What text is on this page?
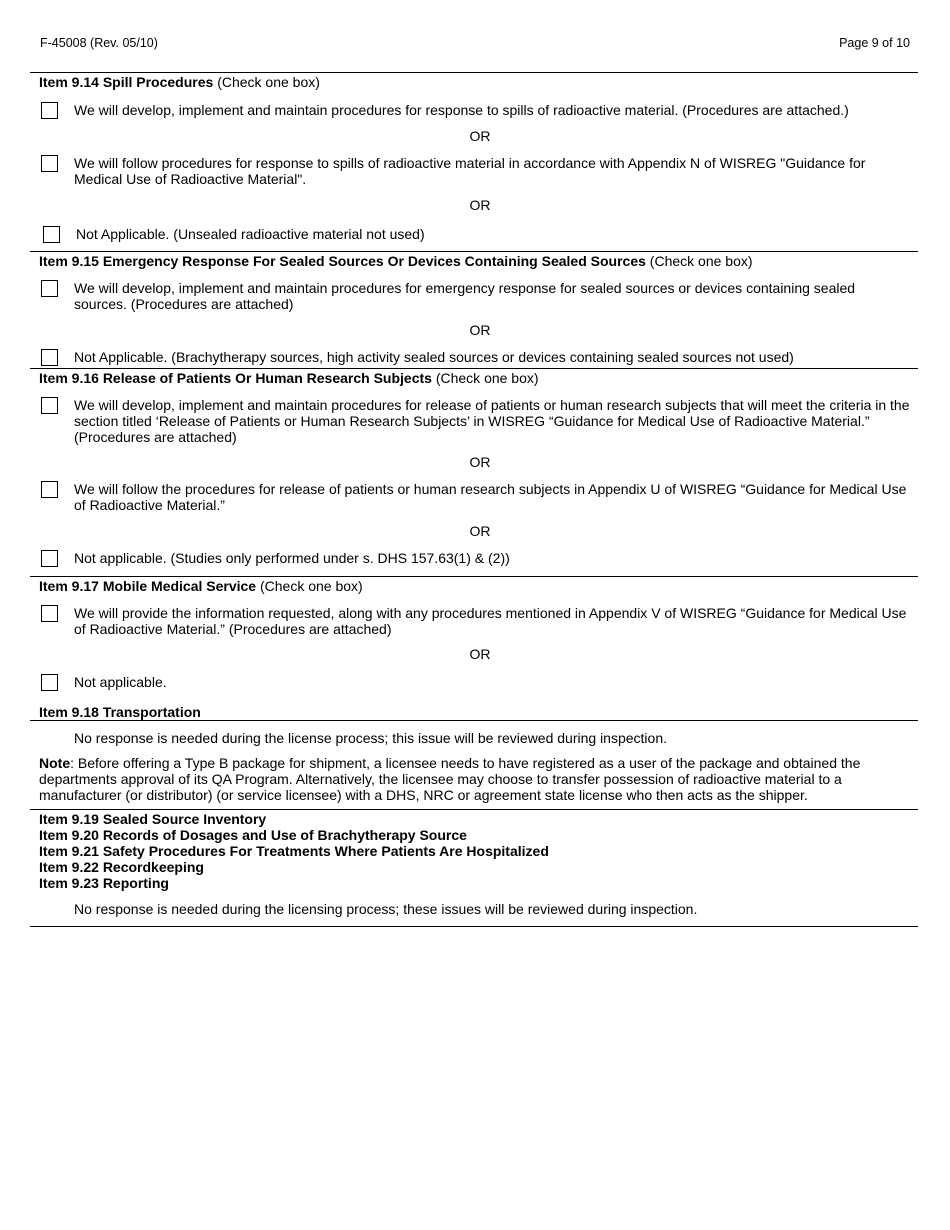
F-45008 (Rev. 05/10)	Page 9 of 10
Item 9.14 Spill Procedures (Check one box)
We will develop, implement and maintain procedures for response to spills of radioactive material. (Procedures are attached.)
OR
We will follow procedures for response to spills of radioactive material in accordance with Appendix N of WISREG "Guidance for Medical Use of Radioactive Material".
OR
Not Applicable. (Unsealed radioactive material not used)
Item 9.15 Emergency Response For Sealed Sources Or Devices Containing Sealed Sources (Check one box)
We will develop, implement and maintain procedures for emergency response for sealed sources or devices containing sealed sources. (Procedures are attached)
OR
Not Applicable. (Brachytherapy sources, high activity sealed sources or devices containing sealed sources not used)
Item 9.16 Release of Patients Or Human Research Subjects (Check one box)
We will develop, implement and maintain procedures for release of patients or human research subjects that will meet the criteria in the section titled ‘Release of Patients or Human Research Subjects’ in WISREG “Guidance for Medical Use of Radioactive Material.” (Procedures are attached)
OR
We will follow the procedures for release of patients or human research subjects in Appendix U of WISREG “Guidance for Medical Use of Radioactive Material.”
OR
Not applicable. (Studies only performed under s. DHS 157.63(1) & (2))
Item 9.17 Mobile Medical Service (Check one box)
We will provide the information requested, along with any procedures mentioned in Appendix V of WISREG “Guidance for Medical Use of Radioactive Material.” (Procedures are attached)
OR
Not applicable.
Item 9.18 Transportation
No response is needed during the license process; this issue will be reviewed during inspection.
Note: Before offering a Type B package for shipment, a licensee needs to have registered as a user of the package and obtained the departments approval of its QA Program. Alternatively, the licensee may choose to transfer possession of radioactive material to a manufacturer (or distributor) (or service licensee) with a DHS, NRC or agreement state license who then acts as the shipper.
Item 9.19 Sealed Source Inventory
Item 9.20 Records of Dosages and Use of Brachytherapy Source
Item 9.21 Safety Procedures For Treatments Where Patients Are Hospitalized
Item 9.22 Recordkeeping
Item 9.23 Reporting
No response is needed during the licensing process; these issues will be reviewed during inspection.
